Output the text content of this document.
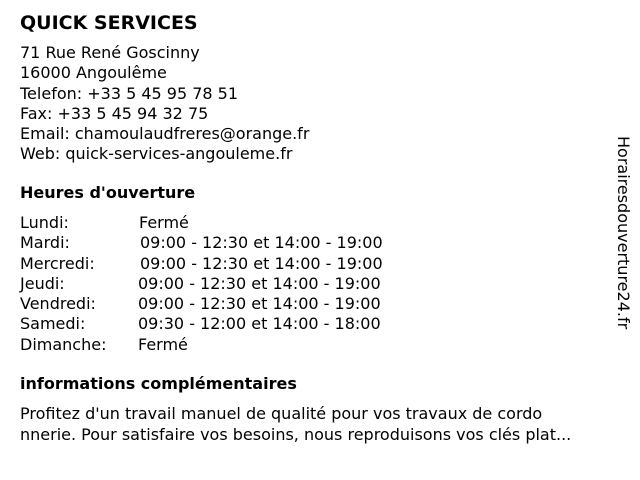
QUICK SERVICES
71 Rue René Goscinny
16000 Angoulême
Telefon: +33 5 45 95 78 51
Fax: +33 5 45 94 32 75
Email: chamoulaudfreres@orange.fr
Web: quick-services-angouleme.fr
Heures d'ouverture
Lundi:	Fermé
Mardi:	09:00 - 12:30 et 14:00 - 19:00
Mercredi:	09:00 - 12:30 et 14:00 - 19:00
Jeudi:	09:00 - 12:30 et 14:00 - 19:00
Vendredi:	09:00 - 12:30 et 14:00 - 19:00
Samedi:	09:30 - 12:00 et 14:00 - 18:00
Dimanche: Fermé
informations complémentaires
Profitez d'un travail manuel de qualité pour vos travaux de cordo
nnerie. Pour satisfaire vos besoins, nous reproduisons vos clés plat...
Horairesdouverture24.fr
